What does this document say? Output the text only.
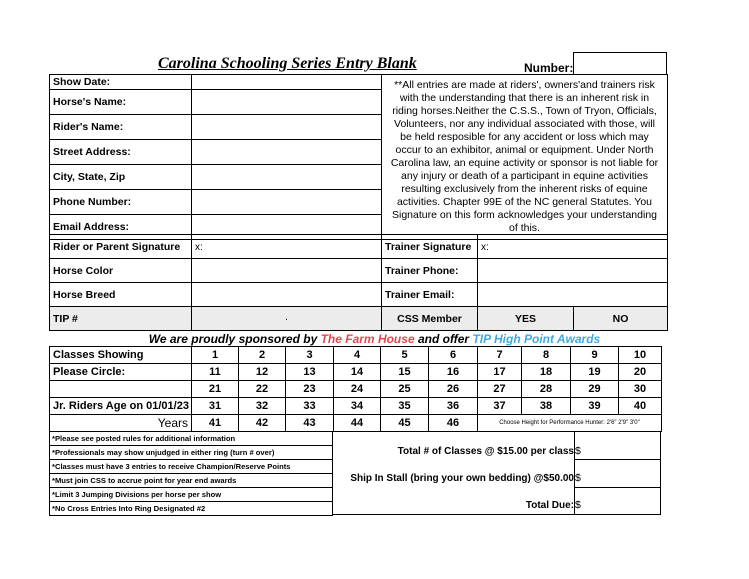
Carolina Schooling Series Entry Blank	Number:
Show Date:		**All entries are made at riders', owners'and trainers risk with the understanding that there is an inherent risk in riding horses.Neither the C.S.S., Town of Tryon, Officials, Volunteers, nor any individual associated with those, will be held resposible for any accident or loss which may occur to an exhibitor, animal or equipment. Under North Carolina law, an equine activity or sponsor is not liable for any injury or death of a participant in equine activities resulting exclusively from the inherent risks of equine activities. Chapter 99E of the NC general Statutes. You Signature on this form acknowledges your understanding of this.
Horse's Name:		
Rider's Name:		
Street Address:		
City, State, Zip		
Phone Number:		
Email Address:		
Rider or Parent Signature	x:	Trainer Signature	x:	
Horse Color		Trainer Phone:		
Horse Breed		Trainer Email:		
TIP #	·	CSS Member	YES	NO
We are proudly sponsored by The Farm House and offer TIP High Point Awards
Classes Showing	1	2	3	4	5	6	7	8	9	10
Please Circle:	11	12	13	14	15	16	17	18	19	20
	21	22	23	24	25	26	27	28	29	30
Jr. Riders Age on 01/01/23	31	32	33	34	35	36	37	38	39	40
Years	41	42	43	44	45	46	Choose Height for Performance Hunter: 2'6" 2'9" 3'0"			
*Please see posted rules for additional information
*Professionals may show unjudged in either ring (turn # over)
*Classes must have 3 entries to receive Champion/Reserve Points
*Must join CSS to accrue point for year end awards
*Limit 3 Jumping Divisions per horse per show
*No Cross Entries Into Ring Designated #2
Total # of Classes @ $15.00 per class $
Ship In Stall (bring your own bedding) @$50.00 $
Total Due: $
